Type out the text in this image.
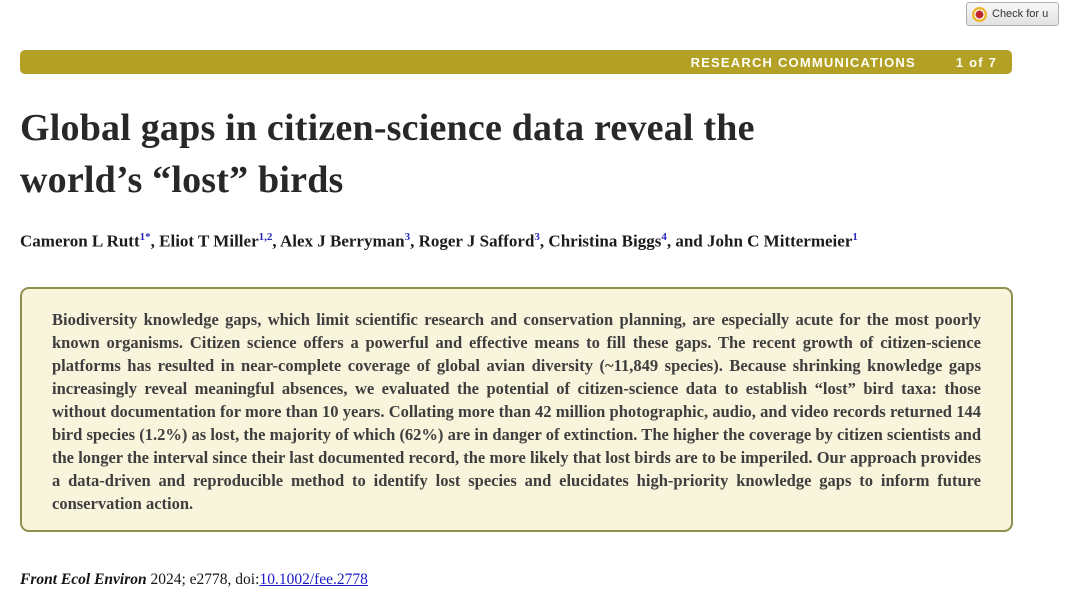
Check for u
RESEARCH COMMUNICATIONS	1 of 7
Global gaps in citizen-science data reveal the
world’s “lost” birds
Cameron L Rutt$^{1*}$, Eliot T Miller$^{1,2}$, Alex J Berryman$^3$, Roger J Safford$^3$, Christina Biggs$^4$, and John C Mittermeier$^1$

Biodiversity knowledge gaps, which limit scientific research and conservation planning, are especially acute for the most poorly known organisms. Citizen science offers a powerful and effective means to fill these gaps. The recent growth of citizen-science platforms has resulted in near-complete coverage of global avian diversity (~11,849 species). Because shrinking knowledge gaps increasingly reveal meaningful absences, we evaluated the potential of citizen-science data to establish “lost” bird taxa: those without documentation for more than 10 years. Collating more than 42 million photographic, audio, and video records returned 144 bird species (1.2%) as lost, the majority of which (62%) are in danger of extinction. The higher the coverage by citizen scientists and the longer the interval since their last documented record, the more likely that lost birds are to be imperiled. Our approach provides a data-driven and reproducible method to identify lost species and elucidates high-priority knowledge gaps to inform future conservation action.

Front Ecol Environ 2024; e2778, doi:10.1002/fee.2778
